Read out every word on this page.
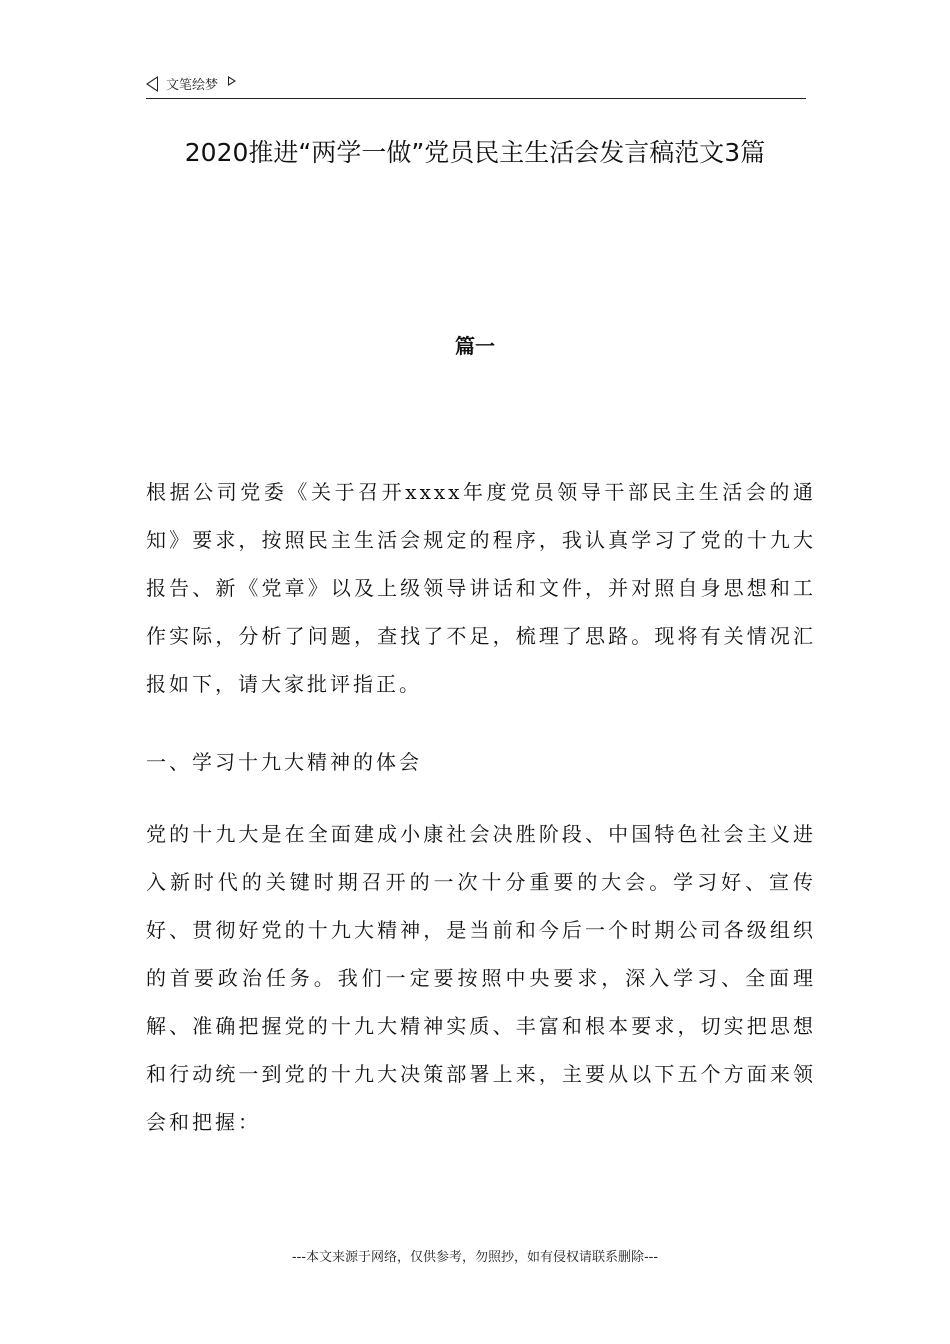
文笔绘梦
2020推进“两学一做”党员民主生活会发言稿范文3篇
篇一

根据公司党委《关于召开xxxx年度党员领导干部民主生活会的通知》要求，按照民主生活会规定的程序，我认真学习了党的十九大报告、新《党章》以及上级领导讲话和文件，并对照自身思想和工作实际，分析了问题，查找了不足，梳理了思路。现将有关情况汇报如下，请大家批评指正。

一、学习十九大精神的体会

党的十九大是在全面建成小康社会决胜阶段、中国特色社会主义进入新时代的关键时期召开的一次十分重要的大会。学习好、宣传好、贯彻好党的十九大精神，是当前和今后一个时期公司各级组织的首要政治任务。我们一定要按照中央要求，深入学习、全面理解、准确把握党的十九大精神实质、丰富和根本要求，切实把思想和行动统一到党的十九大决策部署上来，主要从以下五个方面来领会和把握：

---本文来源于网络，仅供参考，勿照抄，如有侵权请联系删除---
